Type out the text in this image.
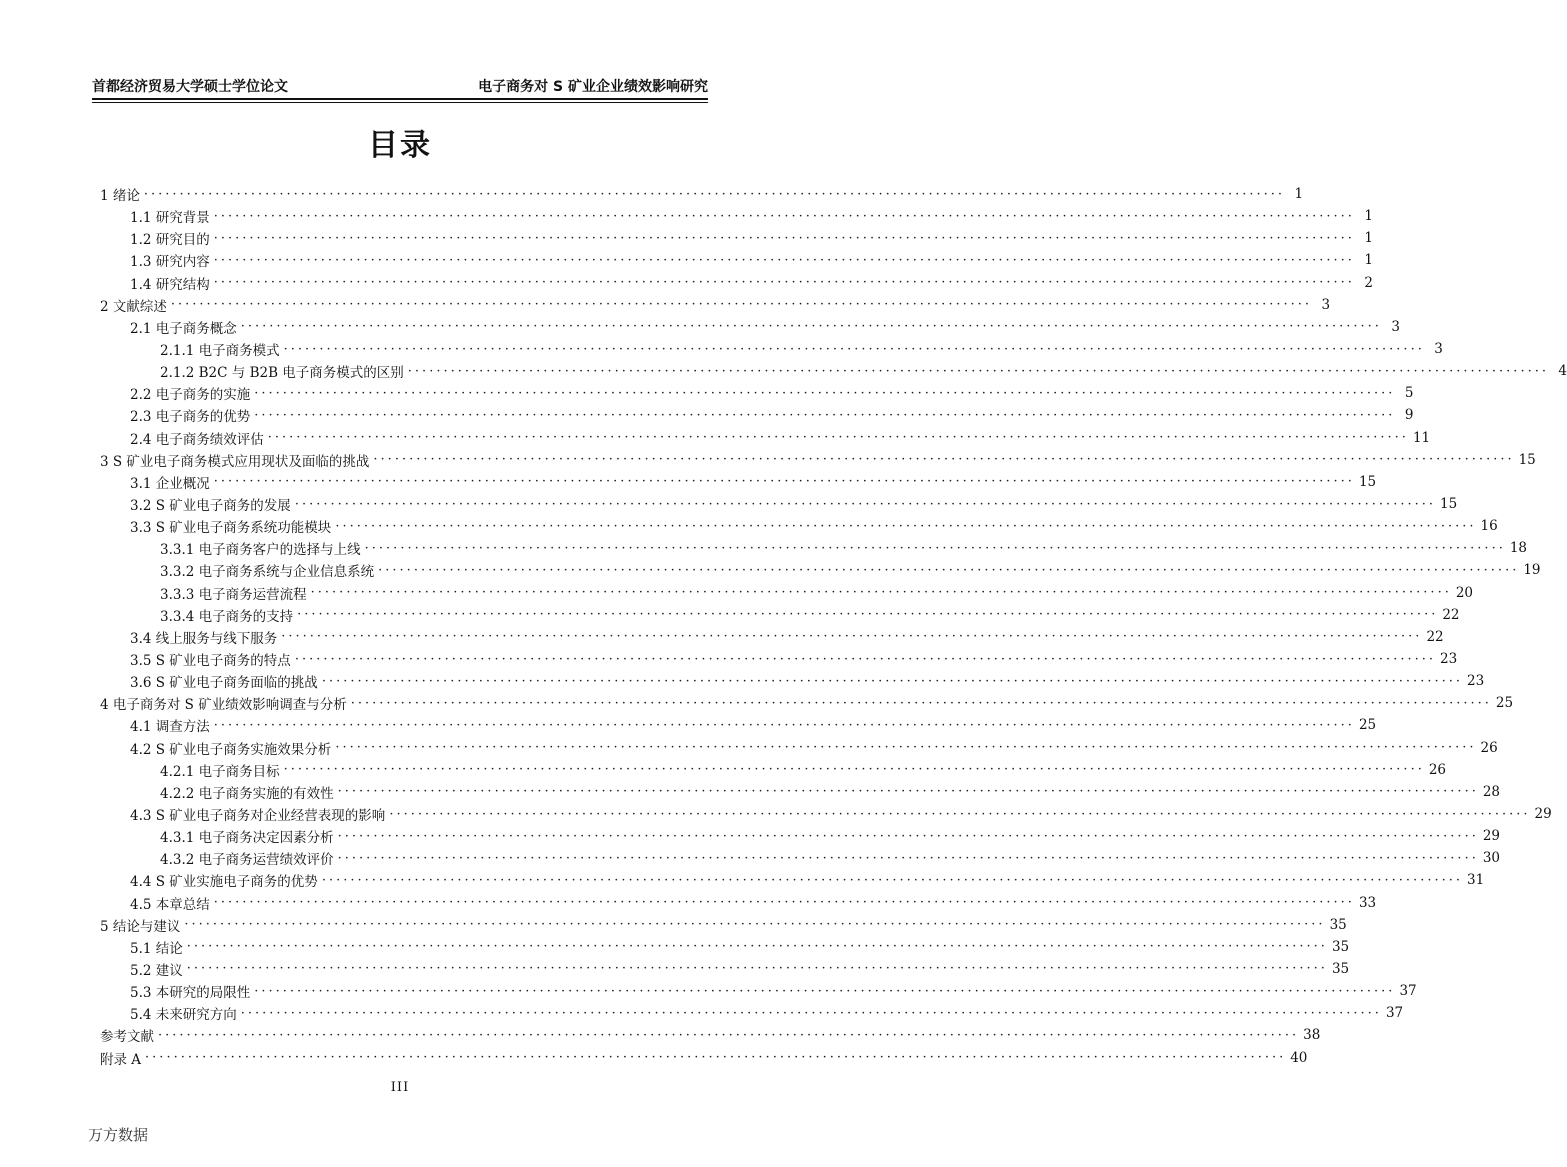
首都经济贸易大学硕士学位论文	电子商务对 S 矿业企业绩效影响研究
目录
1 绪论 ································································································································································ 1
1.1 研究背景 ································································································································································ 1
1.2 研究目的 ································································································································································ 1
1.3 研究内容 ································································································································································ 1
1.4 研究结构 ································································································································································ 2
2 文献综述 ································································································································································ 3
2.1 电子商务概念 ································································································································································ 3
2.1.1 电子商务模式 ································································································································································ 3
2.1.2 B2C 与 B2B 电子商务模式的区别 ································································································································································ 4
2.2 电子商务的实施 ································································································································································ 5
2.3 电子商务的优势 ································································································································································ 9
2.4 电子商务绩效评估 ································································································································································ 11
3 S 矿业电子商务模式应用现状及面临的挑战 ································································································································································ 15
3.1 企业概况 ································································································································································ 15
3.2 S 矿业电子商务的发展 ································································································································································ 15
3.3 S 矿业电子商务系统功能模块 ································································································································································ 16
3.3.1 电子商务客户的选择与上线 ································································································································································ 18
3.3.2 电子商务系统与企业信息系统 ································································································································································ 19
3.3.3 电子商务运营流程 ································································································································································ 20
3.3.4 电子商务的支持 ································································································································································ 22
3.4 线上服务与线下服务 ································································································································································ 22
3.5 S 矿业电子商务的特点 ································································································································································ 23
3.6 S 矿业电子商务面临的挑战 ································································································································································ 23
4 电子商务对 S 矿业绩效影响调查与分析 ································································································································································ 25
4.1 调查方法 ································································································································································ 25
4.2 S 矿业电子商务实施效果分析 ································································································································································ 26
4.2.1 电子商务目标 ································································································································································ 26
4.2.2 电子商务实施的有效性 ································································································································································ 28
4.3 S 矿业电子商务对企业经营表现的影响 ································································································································································ 29
4.3.1 电子商务决定因素分析 ································································································································································ 29
4.3.2 电子商务运营绩效评价 ································································································································································ 30
4.4 S 矿业实施电子商务的优势 ································································································································································ 31
4.5 本章总结 ································································································································································ 33
5 结论与建议 ································································································································································ 35
5.1 结论 ································································································································································ 35
5.2 建议 ································································································································································ 35
5.3 本研究的局限性 ································································································································································ 37
5.4 未来研究方向 ································································································································································ 37
参考文献 ································································································································································ 38
附录 A ································································································································································ 40
III
万方数据
